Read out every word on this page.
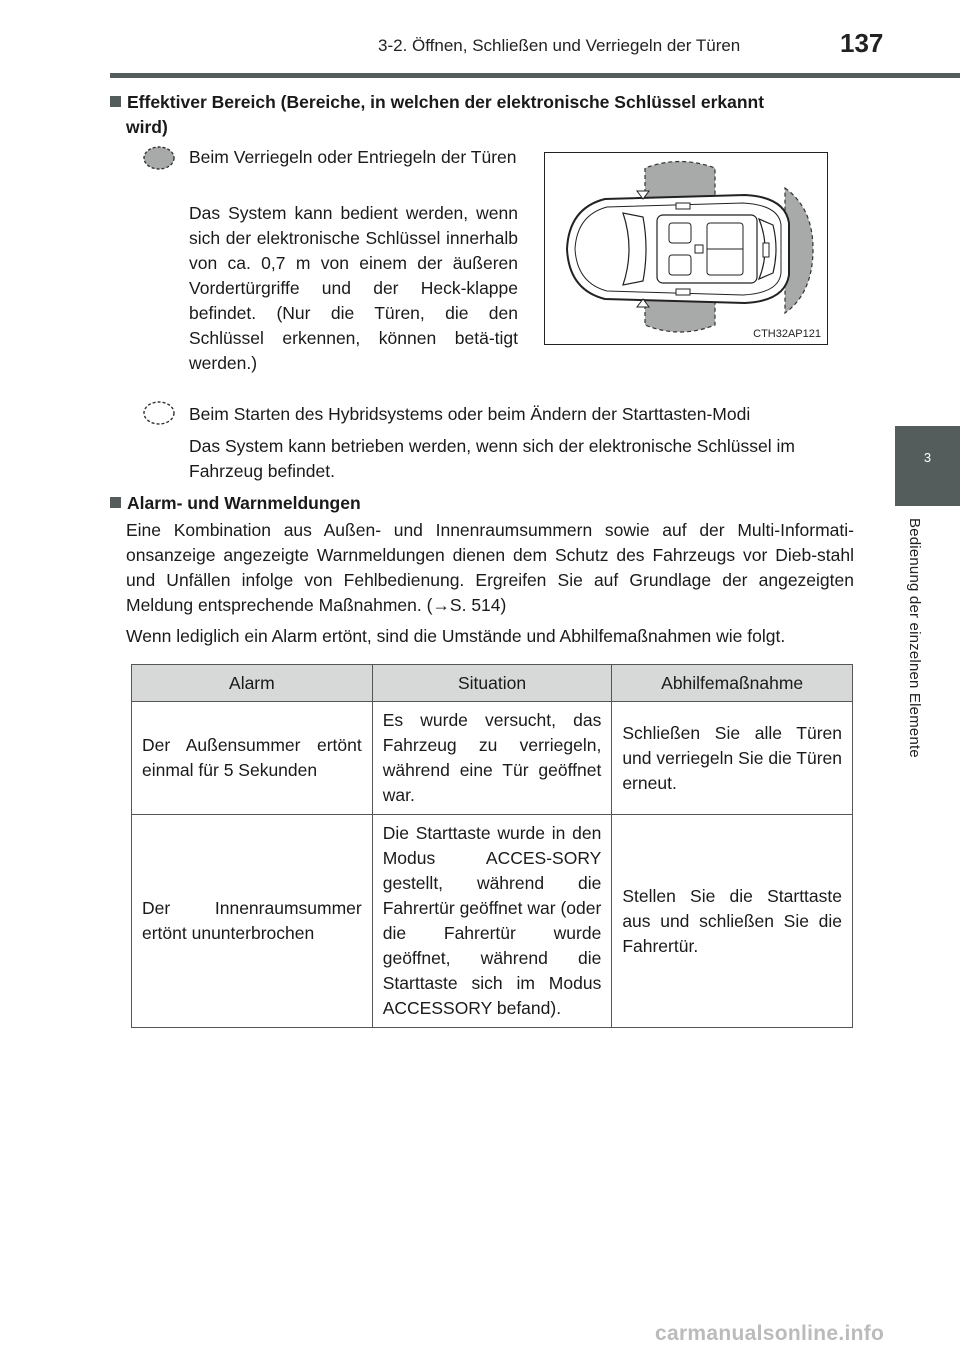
3-2. Öffnen, Schließen und Verriegeln der Türen	137
3
Bedienung der einzelnen Elemente
Effektiver Bereich (Bereiche, in welchen der elektronische Schlüssel erkannt
wird)
Beim Verriegeln oder Entriegeln der Türen
Das System kann bedient werden, wenn sich der elektronische Schlüssel innerhalb von ca. 0,7 m von einem der äußeren Vordertürgriffe und der Heck-klappe befindet. (Nur die Türen, die den Schlüssel erkennen, können betä-tigt werden.)
CTH32AP121
Beim Starten des Hybridsystems oder beim Ändern der Starttasten-Modi
Das System kann betrieben werden, wenn sich der elektronische Schlüssel im Fahrzeug befindet.
Alarm- und Warnmeldungen
Eine Kombination aus Außen- und Innenraumsummern sowie auf der Multi-Informati-onsanzeige angezeigte Warnmeldungen dienen dem Schutz des Fahrzeugs vor Dieb-stahl und Unfällen infolge von Fehlbedienung. Ergreifen Sie auf Grundlage der angezeigten Meldung entsprechende Maßnahmen. (→S. 514)
Wenn lediglich ein Alarm ertönt, sind die Umstände und Abhilfemaßnahmen wie folgt.
Alarm	Situation	Abhilfemaßnahme
Der Außensummer ertönt einmal für 5 Sekunden	Es wurde versucht, das Fahrzeug zu verriegeln, während eine Tür geöffnet war.	Schließen Sie alle Türen und verriegeln Sie die Türen erneut.
Der Innenraumsummer ertönt ununterbrochen	Die Starttaste wurde in den Modus ACCES-SORY gestellt, während die Fahrertür geöffnet war (oder die Fahrertür wurde geöffnet, während die Starttaste sich im Modus ACCESSORY befand).	Stellen Sie die Starttaste aus und schließen Sie die Fahrertür.
carmanualsonline.info
